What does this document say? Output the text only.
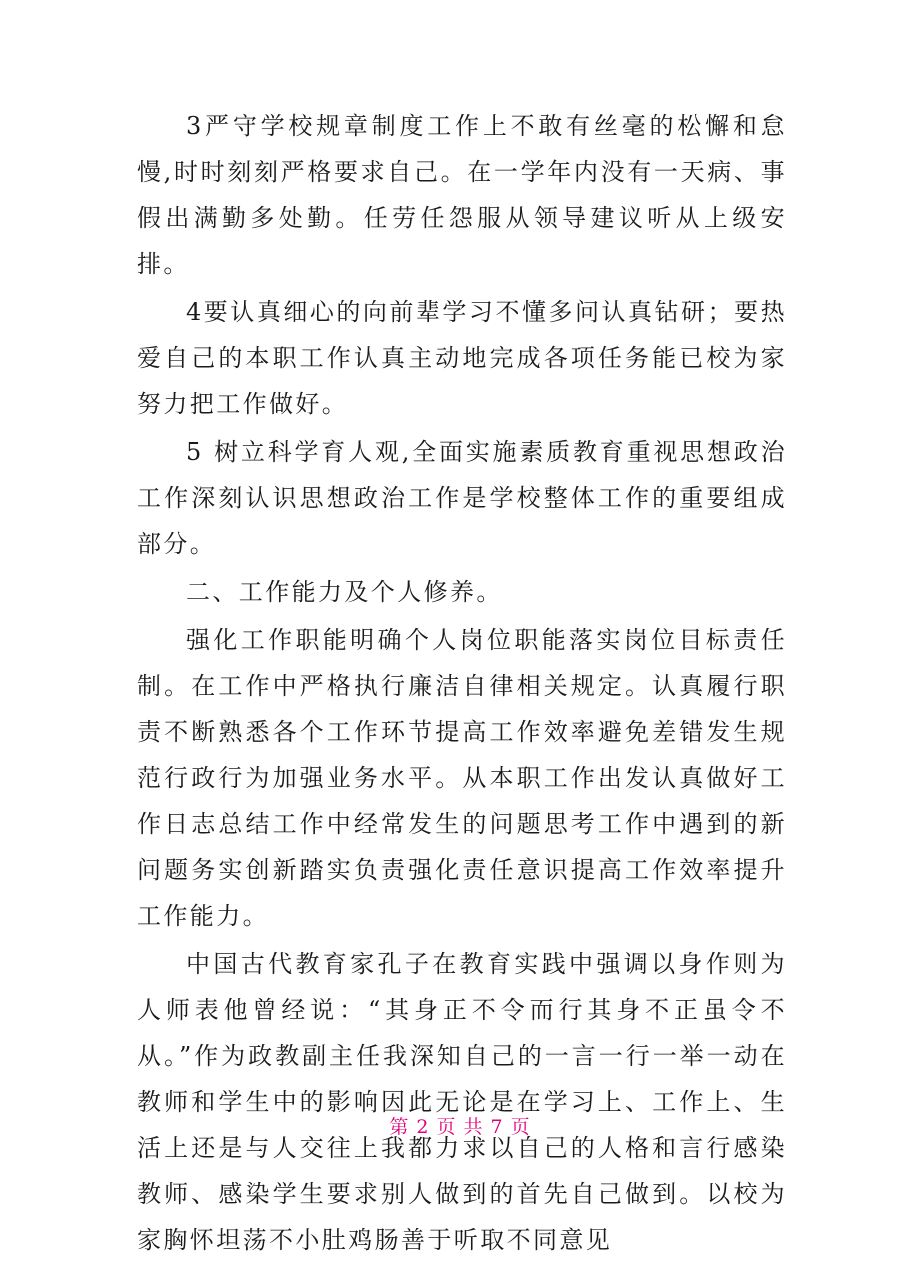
3严守学校规章制度工作上不敢有丝毫的松懈和怠慢,时时刻刻严格要求自己。在一学年内没有一天病、事假出满勤多处勤。任劳任怨服从领导建议听从上级安排。

4要认真细心的向前辈学习不懂多问认真钻研；要热爱自己的本职工作认真主动地完成各项任务能已校为家努力把工作做好。

5 树立科学育人观,全面实施素质教育重视思想政治工作深刻认识思想政治工作是学校整体工作的重要组成部分。

二、工作能力及个人修养。

强化工作职能明确个人岗位职能落实岗位目标责任制。在工作中严格执行廉洁自律相关规定。认真履行职责不断熟悉各个工作环节提高工作效率避免差错发生规范行政行为加强业务水平。从本职工作出发认真做好工作日志总结工作中经常发生的问题思考工作中遇到的新问题务实创新踏实负责强化责任意识提高工作效率提升工作能力。

中国古代教育家孔子在教育实践中强调以身作则为人师表他曾经说：“其身正不令而行其身不正虽令不从。”作为政教副主任我深知自己的一言一行一举一动在教师和学生中的影响因此无论是在学习上、工作上、生活上还是与人交往上我都力求以自己的人格和言行感染教师、感染学生要求别人做到的首先自己做到。以校为家胸怀坦荡不小肚鸡肠善于听取不同意见

第 2 页 共 7 页
